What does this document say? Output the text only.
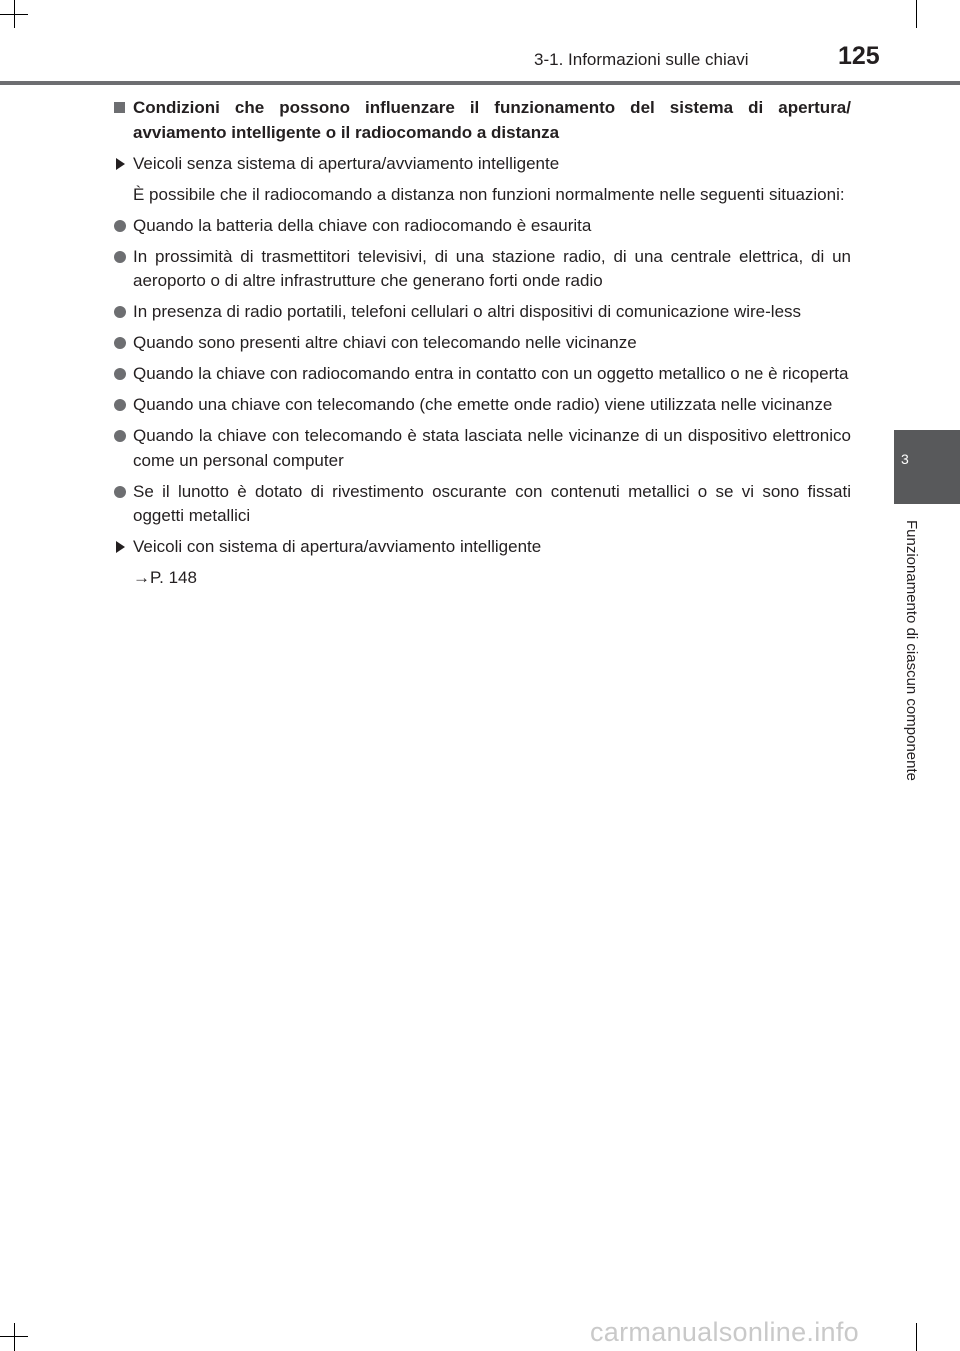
3-1. Informazioni sulle chiavi	125
3
Funzionamento di ciascun componente

Condizioni che possono influenzare il funzionamento del sistema di apertura/ avviamento intelligente o il radiocomando a distanza

Veicoli senza sistema di apertura/avviamento intelligente

È possibile che il radiocomando a distanza non funzioni normalmente nelle seguenti situazioni:

Quando la batteria della chiave con radiocomando è esaurita

In prossimità di trasmettitori televisivi, di una stazione radio, di una centrale elettrica, di un aeroporto o di altre infrastrutture che generano forti onde radio

In presenza di radio portatili, telefoni cellulari o altri dispositivi di comunicazione wire-less

Quando sono presenti altre chiavi con telecomando nelle vicinanze

Quando la chiave con radiocomando entra in contatto con un oggetto metallico o ne è ricoperta

Quando una chiave con telecomando (che emette onde radio) viene utilizzata nelle vicinanze

Quando la chiave con telecomando è stata lasciata nelle vicinanze di un dispositivo elettronico come un personal computer

Se il lunotto è dotato di rivestimento oscurante con contenuti metallici o se vi sono fissati oggetti metallici

Veicoli con sistema di apertura/avviamento intelligente

→P. 148

carmanualsonline.info
